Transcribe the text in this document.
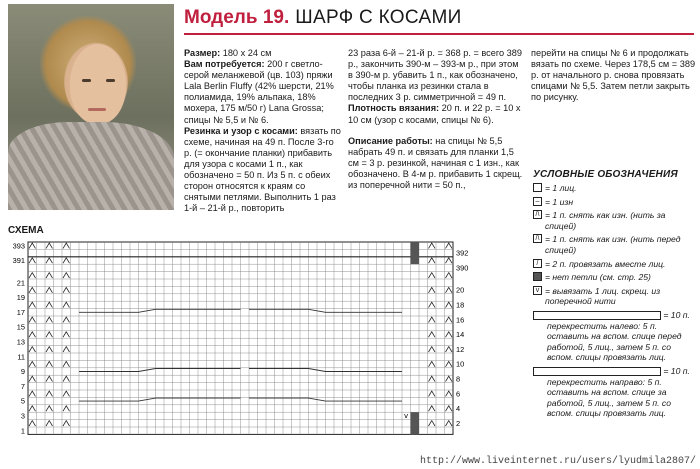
Модель 19. ШАРФ С КОСАМИ

Размер: 180 х 24 см

Вам потребуется: 200 г светло-серой меланжевой (цв. 103) пряжи Lala Berlin Fluffy (42% шерсти, 21% полиамида, 19% альпака, 18% мохера, 175 м/50 г) Lana Grossa; спицы № 5,5 и № 6.

Резинка и узор с косами: вязать по схеме, начиная на 49 п. После 3-го р. (= окончание планки) прибавить для узора с косами 1 п., как обозначено = 50 п. Из 5 п. с обеих сторон относятся к краям со снятыми петлями. Выполнить 1 раз 1-й – 21-й р., повторить

23 раза 6-й – 21-й р. = 368 р. = всего 389 р., закончить 390-м – 393-м р., при этом в 390-м р. убавить 1 п., как обозначено, чтобы планка из резинки стала в последних 3 р. симметричной = 49 п.

Плотность вязания: 20 п. и 22 р. = 10 х 10 см (узор с косами, спицы № 6).

Описание работы: на спицы № 5,5 набрать 49 п. и связать для планки 1,5 см = 3 р. резинкой, начиная с 1 изн., как обозначено. В 4-м р. прибавить 1 скрещ. из поперечной нити = 50 п.,

перейти на спицы № 6 и продолжать вязать по схеме. Через 178,5 см = 389 р. от начального р. снова провязать спицами № 5,5. Затем петли закрыть по рисунку.

УСЛОВНЫЕ ОБОЗНАЧЕНИЯ
= 1 лиц.
– = 1 изн
/\ = 1 п. снять как изн. (нить за спицей)
/\ = 1 п. снять как изн. (нить перед спицей)
/ = 2 п. провязать вместе лиц.
= нет петли (см. стр. 25)
v = вывязать 1 лиц. скрещ. из поперечной нити
= 10 п.
перекрестить налево: 5 п. оставить на вспом. спице перед работой, 5 лиц., затем 5 п. со вспом. спицы провязать лиц.
= 10 п.
перекрестить направо: 5 п. оставить на вспом. спице за работой, 5 лиц., затем 5 п. со вспом. спицы провязать лиц.
СХЕМА
v
393
391
21
19
17
15
13
11
9
7
5
3
1
392
390
20
18
16
14
12
10
8
6
4
2
http://www.liveinternet.ru/users/lyudmila2807/
